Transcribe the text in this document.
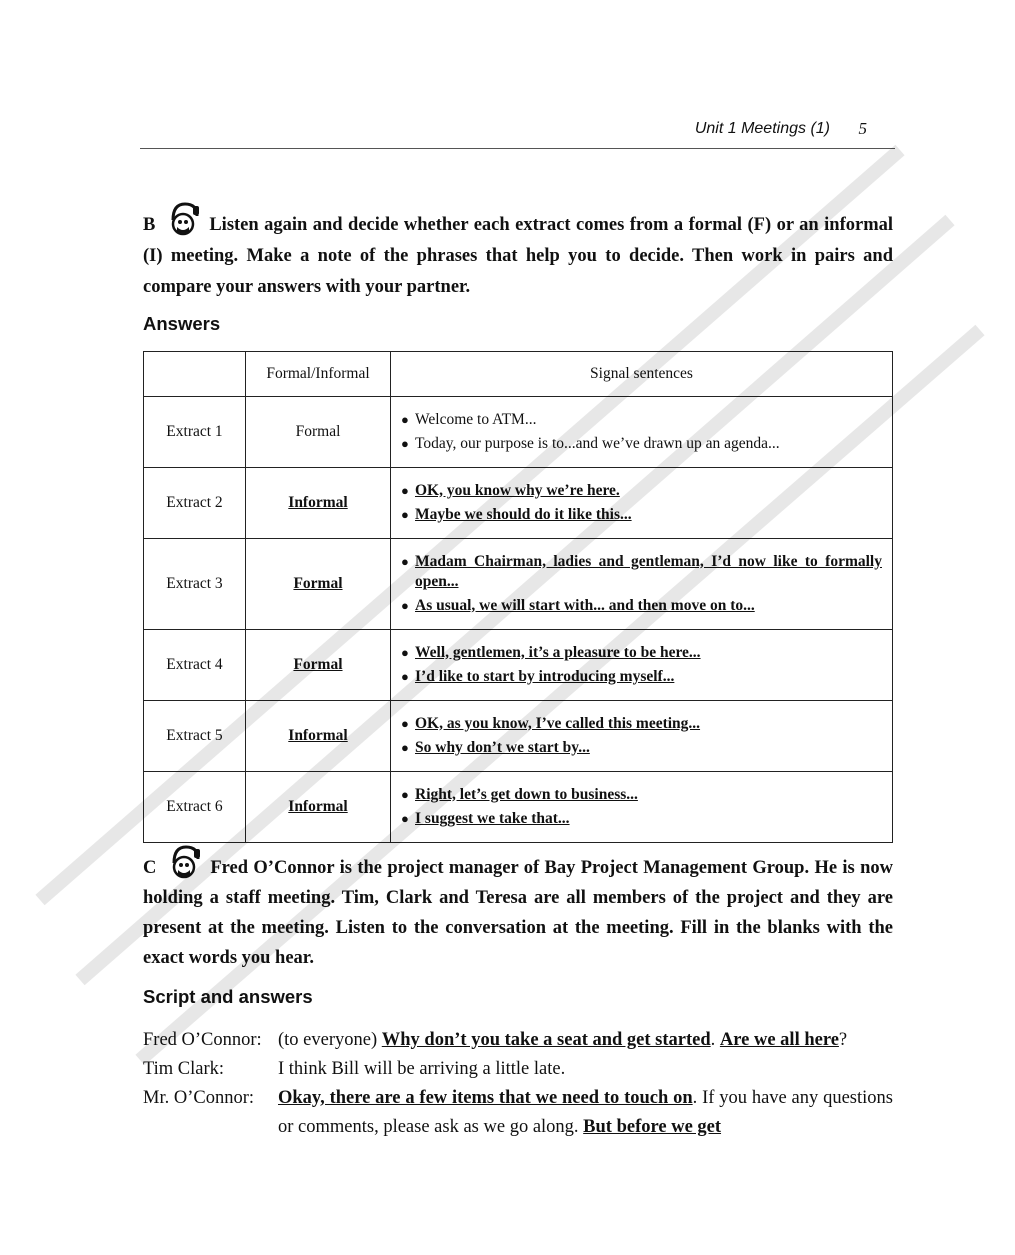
Unit 1 Meetings (1) 5
B	Listen again and decide whether each extract comes from a formal (F) or an informal (I) meeting. Make a note of the phrases that help you to decide. Then work in pairs and compare your answers with your partner.
Answers
	Formal/Informal	Signal sentences
Extract 1	Formal	● Welcome to ATM...
● Today, our purpose is to...and we’ve drawn up an agenda...

Extract 2	Informal	● OK, you know why we’re here.
● Maybe we should do it like this...

Extract 3	Formal	● Madam Chairman, ladies and gentleman, I’d now like to formally open...
● As usual, we will start with... and then move on to...

Extract 4	Formal	● Well, gentlemen, it’s a pleasure to be here...
● I’d like to start by introducing myself...

Extract 5	Informal	● OK, as you know, I’ve called this meeting...
● So why don’t we start by...

Extract 6	Informal	● Right, let’s get down to business...
● I suggest we take that...
C	Fred O’Connor is the project manager of Bay Project Management Group. He is now holding a staff meeting. Tim, Clark and Teresa are all members of the project and they are present at the meeting. Listen to the conversation at the meeting. Fill in the blanks with the exact words you hear.
Script and answers
Fred O’Connor: (to everyone) Why don’t you take a seat and get started. Are we all here?
Tim Clark:	I think Bill will be arriving a little late.
Mr. O’Connor:	Okay, there are a few items that we need to touch on. If you have any questions or comments, please ask as we go along. But before we get
